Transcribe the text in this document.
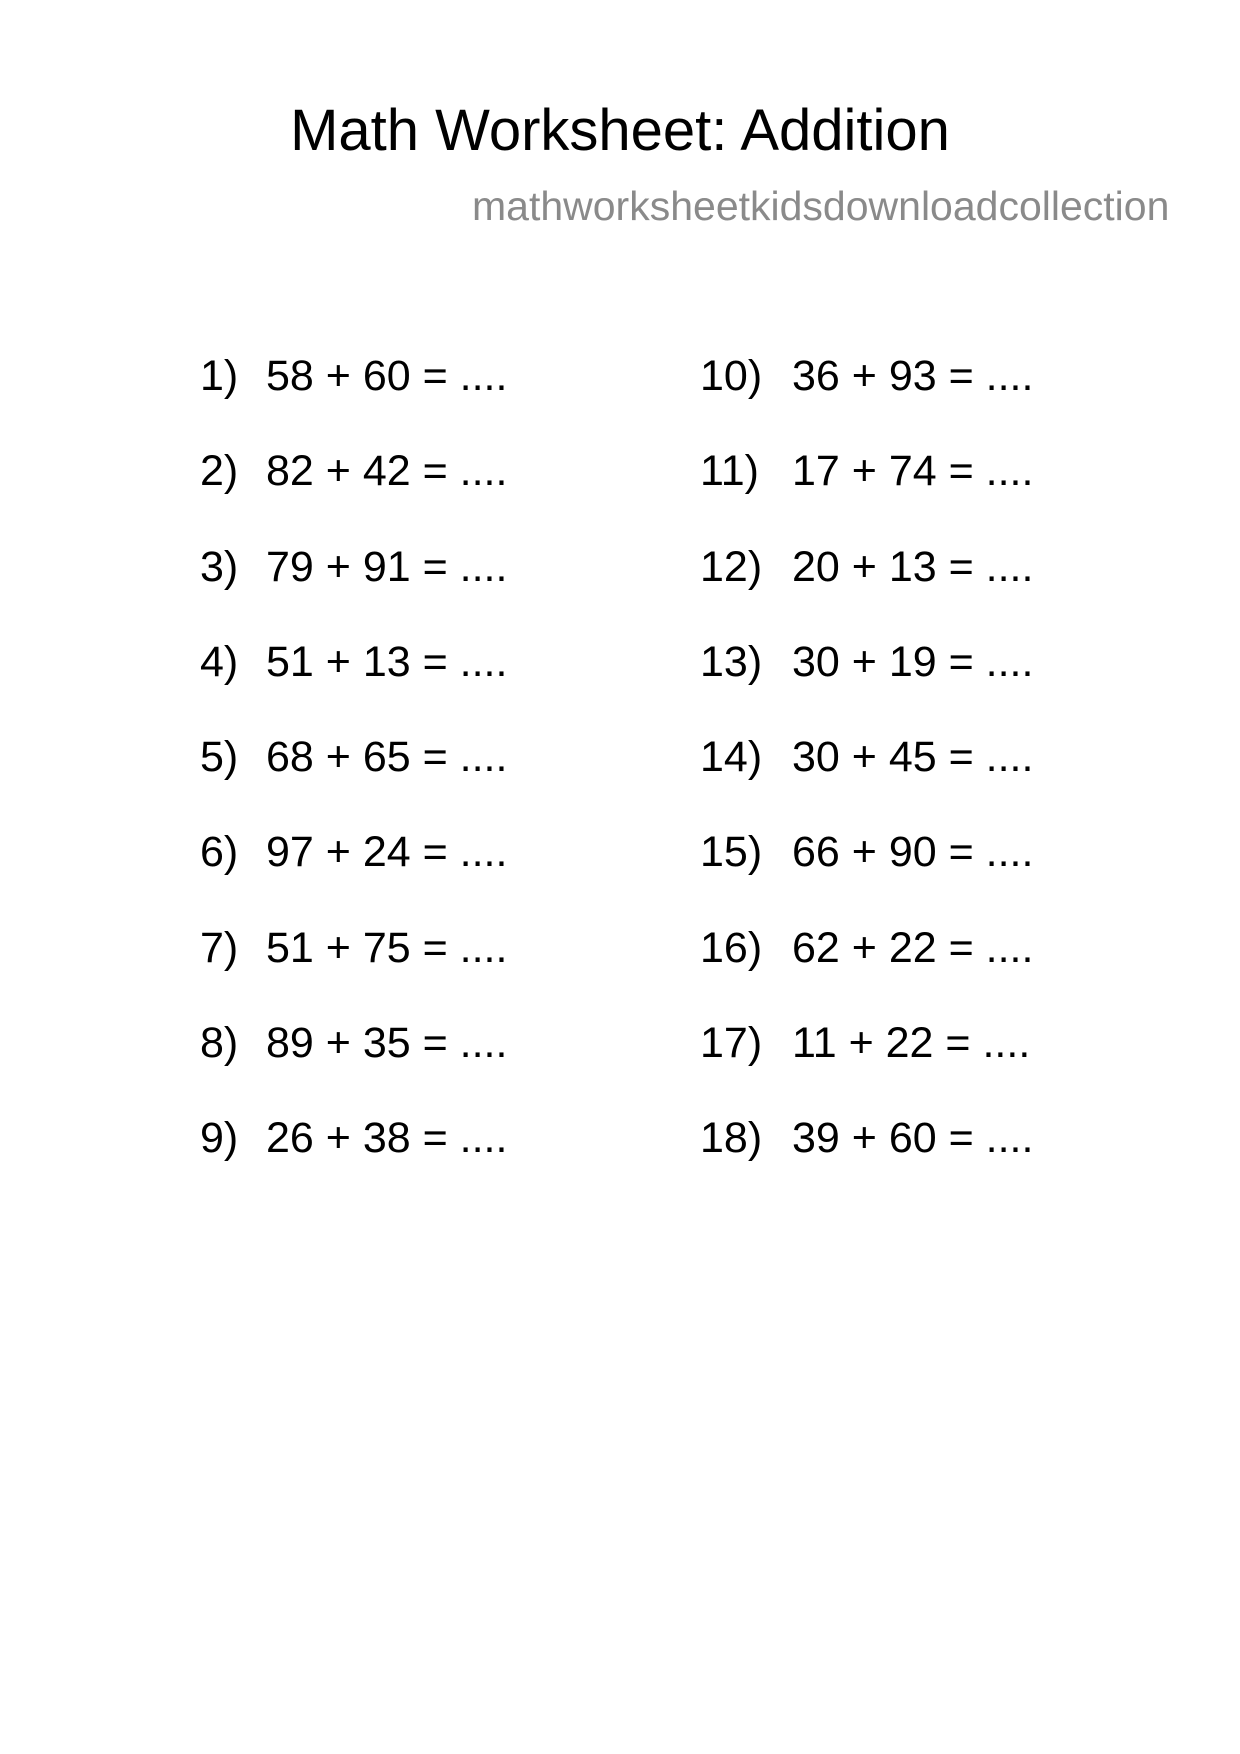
Math Worksheet: Addition
mathworksheetkidsdownloadcollection
1) 58 + 60 = ....
2) 82 + 42 = ....
3) 79 + 91 = ....
4) 51 + 13 = ....
5) 68 + 65 = ....
6) 97 + 24 = ....
7) 51 + 75 = ....
8) 89 + 35 = ....
9) 26 + 38 = ....
10) 36 + 93 = ....
11) 17 + 74 = ....
12) 20 + 13 = ....
13) 30 + 19 = ....
14) 30 + 45 = ....
15) 66 + 90 = ....
16) 62 + 22 = ....
17) 11 + 22 = ....
18) 39 + 60 = ....
